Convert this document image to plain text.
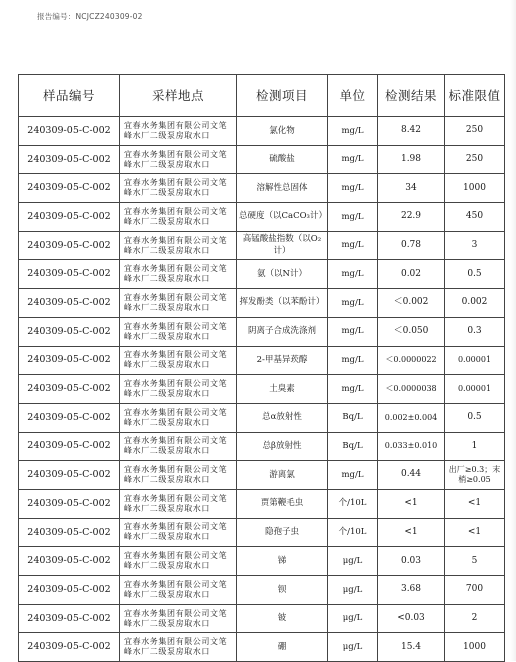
报告编号：NCJCZ240309-02
样品编号	采样地点	检测项目	单位	检测结果	标准限值
240309-05-C-002	宜春水务集团有限公司文笔峰水厂二级泵房取水口	氯化物	mg/L	8.42	250
240309-05-C-002	宜春水务集团有限公司文笔峰水厂二级泵房取水口	硫酸盐	mg/L	1.98	250
240309-05-C-002	宜春水务集团有限公司文笔峰水厂二级泵房取水口	溶解性总固体	mg/L	34	1000
240309-05-C-002	宜春水务集团有限公司文笔峰水厂二级泵房取水口	总硬度（以CaCO₃计）	mg/L	22.9	450
240309-05-C-002	宜春水务集团有限公司文笔峰水厂二级泵房取水口	高锰酸盐指数（以O₂计）	mg/L	0.78	3
240309-05-C-002	宜春水务集团有限公司文笔峰水厂二级泵房取水口	氨（以N计）	mg/L	0.02	0.5
240309-05-C-002	宜春水务集团有限公司文笔峰水厂二级泵房取水口	挥发酚类（以苯酚计）	mg/L	＜0.002	0.002
240309-05-C-002	宜春水务集团有限公司文笔峰水厂二级泵房取水口	阴离子合成洗涤剂	mg/L	＜0.050	0.3
240309-05-C-002	宜春水务集团有限公司文笔峰水厂二级泵房取水口	2-甲基异莰醇	mg/L	＜0.0000022	0.00001
240309-05-C-002	宜春水务集团有限公司文笔峰水厂二级泵房取水口	土臭素	mg/L	＜0.0000038	0.00001
240309-05-C-002	宜春水务集团有限公司文笔峰水厂二级泵房取水口	总α放射性	Bq/L	0.002±0.004	0.5
240309-05-C-002	宜春水务集团有限公司文笔峰水厂二级泵房取水口	总β放射性	Bq/L	0.033±0.010	1
240309-05-C-002	宜春水务集团有限公司文笔峰水厂二级泵房取水口	游离氯	mg/L	0.44	出厂≥0.3；末梢≥0.05
240309-05-C-002	宜春水务集团有限公司文笔峰水厂二级泵房取水口	贾第鞭毛虫	个/10L	<1	<1
240309-05-C-002	宜春水务集团有限公司文笔峰水厂二级泵房取水口	隐孢子虫	个/10L	<1	<1
240309-05-C-002	宜春水务集团有限公司文笔峰水厂二级泵房取水口	锑	μg/L	0.03	5
240309-05-C-002	宜春水务集团有限公司文笔峰水厂二级泵房取水口	钡	μg/L	3.68	700
240309-05-C-002	宜春水务集团有限公司文笔峰水厂二级泵房取水口	铍	μg/L	<0.03	2
240309-05-C-002	宜春水务集团有限公司文笔峰水厂二级泵房取水口	硼	μg/L	15.4	1000
